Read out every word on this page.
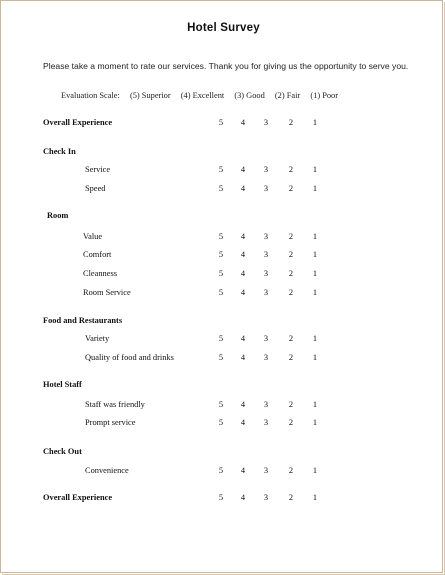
Hotel Survey
Please take a moment to rate our services. Thank you for giving us the opportunity to serve you.
Evaluation Scale: (5) Superior (4) Excellent (3) Good (2) Fair (1) Poor
Overall Experience	5	4	3	2	1
Check In
Service	5	4	3	2	1
Speed	5	4	3	2	1
Room
Value	5	4	3	2	1
Comfort	5	4	3	2	1
Cleanness	5	4	3	2	1
Room Service	5	4	3	2	1
Food and Restaurants
Variety	5	4	3	2	1
Quality of food and drinks	5	4	3	2	1
Hotel Staff
Staff was friendly	5	4	3	2	1
Prompt service	5	4	3	2	1
Check Out
Convenience	5	4	3	2	1
Overall Experience	5	4	3	2	1
